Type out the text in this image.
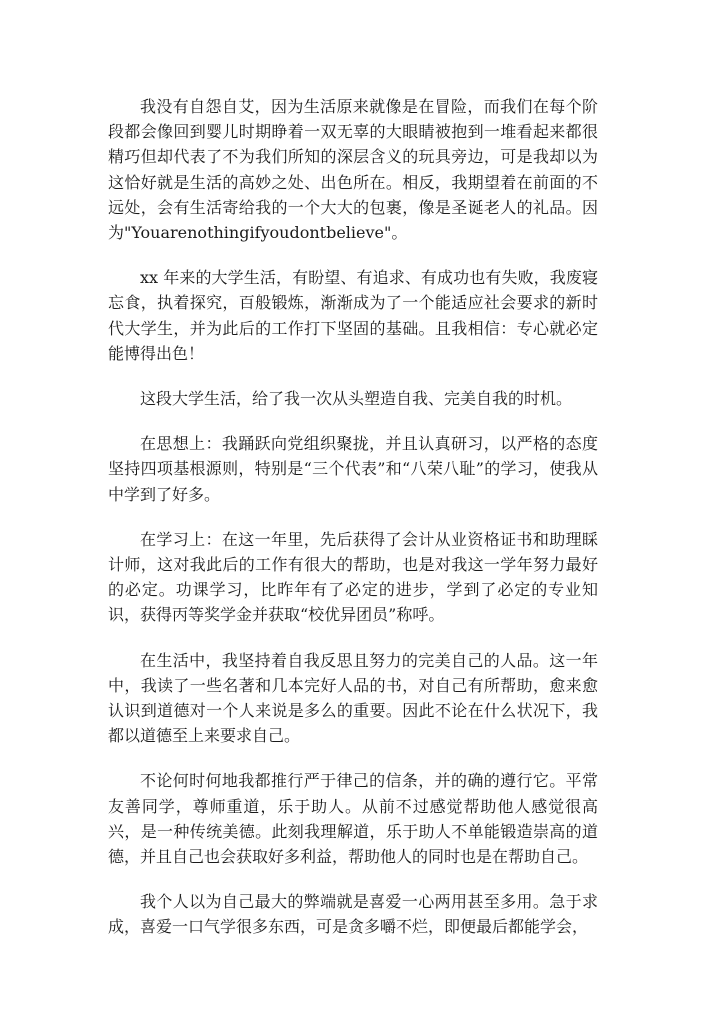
我没有自怨自艾，因为生活原来就像是在冒险，而我们在每个阶段都会像回到婴儿时期睁着一双无辜的大眼睛被抱到一堆看起来都很精巧但却代表了不为我们所知的深层含义的玩具旁边，可是我却以为这恰好就是生活的高妙之处、出色所在。相反，我期望着在前面的不远处，会有生活寄给我的一个大大的包裹，像是圣诞老人的礼品。因为"Youarenothingifyoudontbelieve"。

xx 年来的大学生活，有盼望、有追求、有成功也有失败，我废寝忘食，执着探究，百般锻炼，渐渐成为了一个能适应社会要求的新时代大学生，并为此后的工作打下坚固的基础。且我相信：专心就必定能博得出色！

这段大学生活，给了我一次从头塑造自我、完美自我的时机。

在思想上：我踊跃向党组织聚拢，并且认真研习，以严格的态度坚持四项基根源则，特别是“三个代表”和“八荣八耻”的学习，使我从中学到了好多。

在学习上：在这一年里，先后获得了会计从业资格证书和助理睬计师，这对我此后的工作有很大的帮助，也是对我这一学年努力最好的必定。功课学习，比昨年有了必定的进步，学到了必定的专业知识，获得丙等奖学金并获取“校优异团员”称呼。

在生活中，我坚持着自我反思且努力的完美自己的人品。这一年中，我读了一些名著和几本完好人品的书，对自己有所帮助，愈来愈认识到道德对一个人来说是多么的重要。因此不论在什么状况下，我都以道德至上来要求自己。

不论何时何地我都推行严于律己的信条，并的确的遵行它。平常友善同学，尊师重道，乐于助人。从前不过感觉帮助他人感觉很高兴，是一种传统美德。此刻我理解道，乐于助人不单能锻造崇高的道德，并且自己也会获取好多利益，帮助他人的同时也是在帮助自己。

我个人以为自己最大的弊端就是喜爱一心两用甚至多用。急于求成，喜爱一口气学很多东西，可是贪多嚼不烂，即便最后都能学会，
